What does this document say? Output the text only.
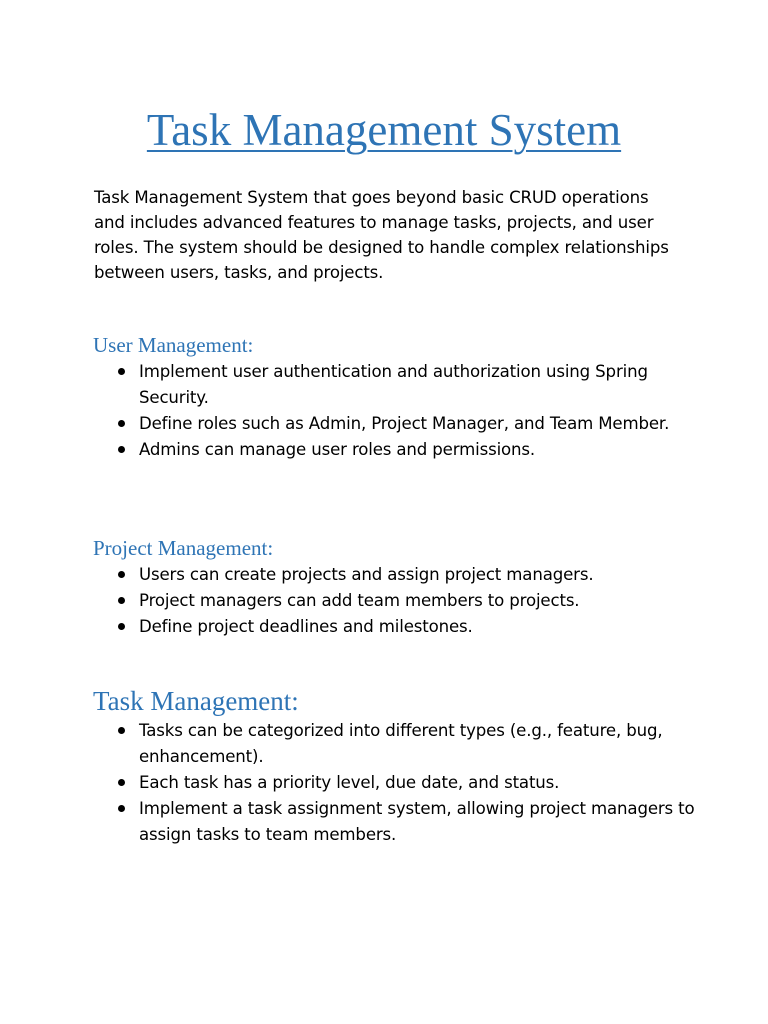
Task Management System

Task Management System that goes beyond basic CRUD operations and includes advanced features to manage tasks, projects, and user roles. The system should be designed to handle complex relationships between users, tasks, and projects.

User Management:
Implement user authentication and authorization using Spring Security.
Define roles such as Admin, Project Manager, and Team Member.
Admins can manage user roles and permissions.
Project Management:
Users can create projects and assign project managers.
Project managers can add team members to projects.
Define project deadlines and milestones.
Task Management:
Tasks can be categorized into different types (e.g., feature, bug, enhancement).
Each task has a priority level, due date, and status.
Implement a task assignment system, allowing project managers to assign tasks to team members.
